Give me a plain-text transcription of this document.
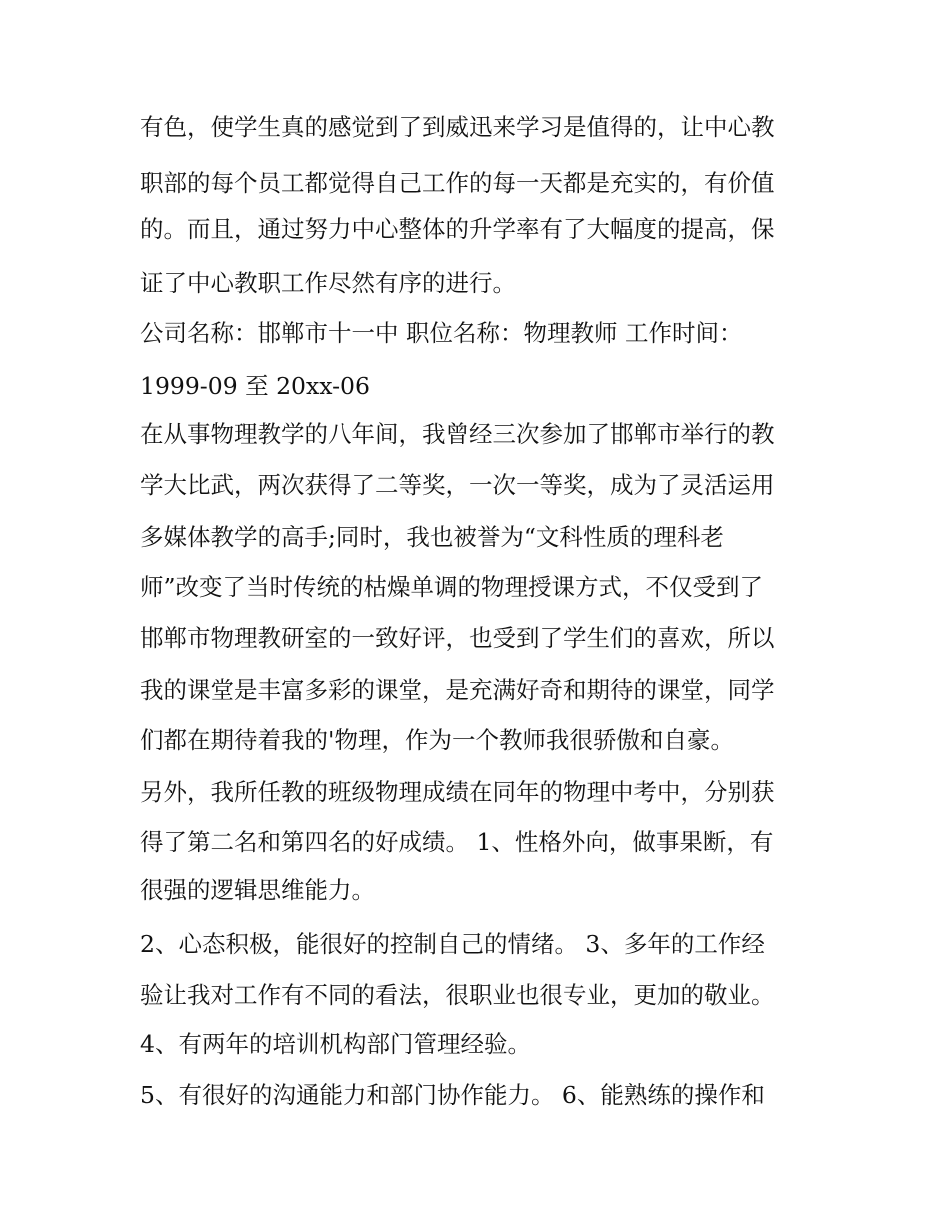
有色，使学生真的感觉到了到威迅来学习是值得的，让中心教
职部的每个员工都觉得自己工作的每一天都是充实的，有价值
的。而且，通过努力中心整体的升学率有了大幅度的提高，保
证了中心教职工作尽然有序的进行。
公司名称：邯郸市十一中 职位名称：物理教师 工作时间：
1999-09 至 20xx-06
在从事物理教学的八年间，我曾经三次参加了邯郸市举行的教
学大比武，两次获得了二等奖，一次一等奖，成为了灵活运用
多媒体教学的高手;同时，我也被誉为“文科性质的理科老
师”改变了当时传统的枯燥单调的物理授课方式，不仅受到了
邯郸市物理教研室的一致好评，也受到了学生们的喜欢，所以
我的课堂是丰富多彩的课堂，是充满好奇和期待的课堂，同学
们都在期待着我的'物理，作为一个教师我很骄傲和自豪。
另外，我所任教的班级物理成绩在同年的物理中考中，分别获
得了第二名和第四名的好成绩。 1、性格外向，做事果断，有
很强的逻辑思维能力。
2、心态积极，能很好的控制自己的情绪。 3、多年的工作经
验让我对工作有不同的看法，很职业也很专业，更加的敬业。
4、有两年的培训机构部门管理经验。
5、有很好的沟通能力和部门协作能力。 6、能熟练的操作和
